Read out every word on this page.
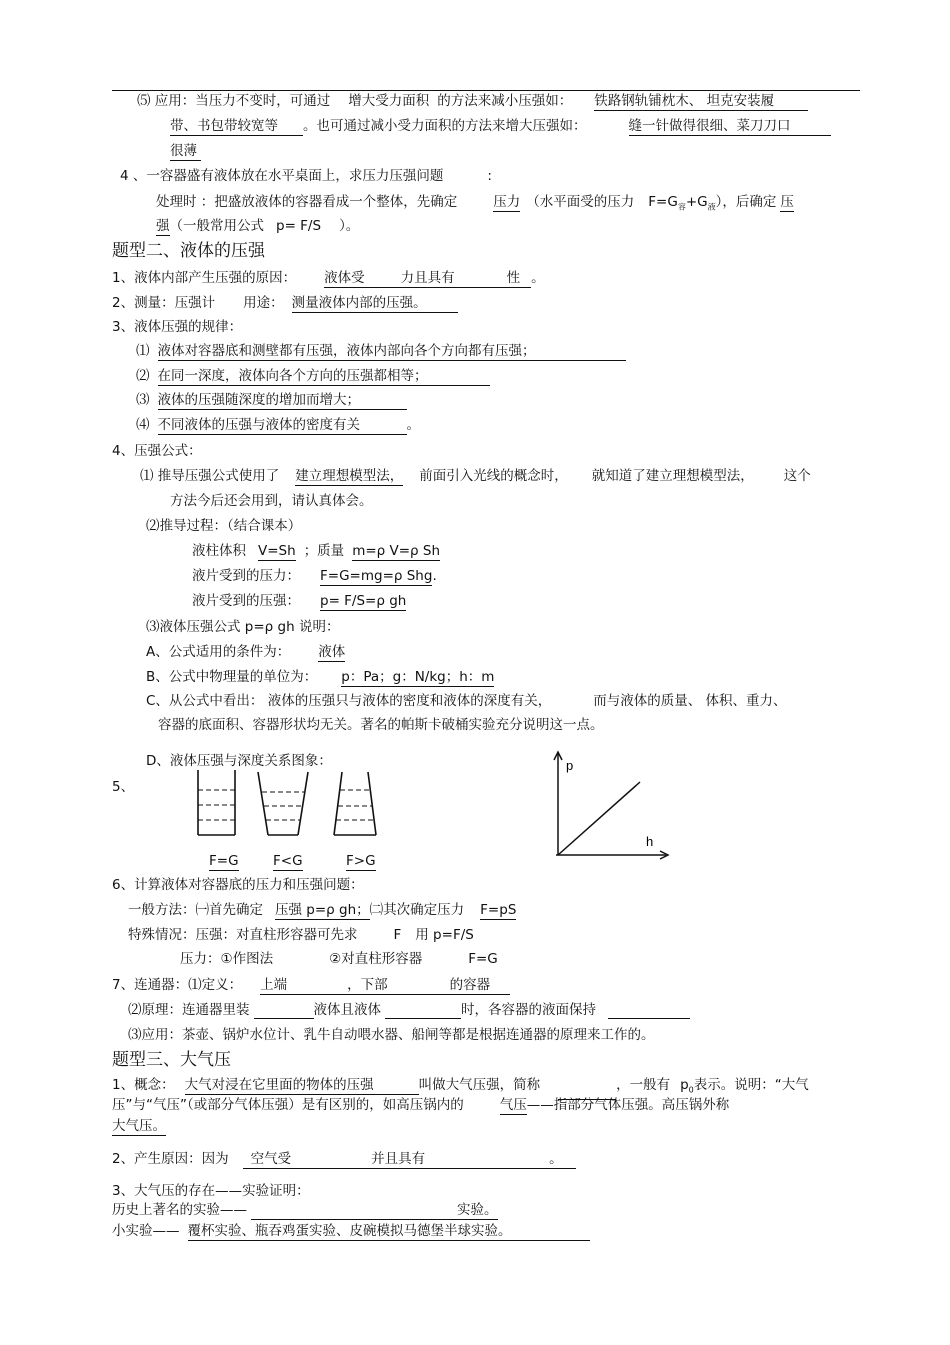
⑸ 应用：当压力不变时，可通过 增大受力面积 的方法来减小压强如： 铁路钢轨铺枕木、 坦克安装履
带、书包带较宽等 。也可通过减小受力面积的方法来增大压强如：	缝一针做得很细、菜刀刀口
很薄
4 、一容器盛有液体放在水平桌面上，求压力压强问题	:
处理时 ：把盛放液体的容器看成一个整体，先确定	压力 （水平面受的压力 $F=G_容+G_液$），后确定 压
强（一般常用公式 p= F/S ）。
题型二、液体的压强
1、液体内部产生压强的原因： 液体受	力且具有	性 。
2、测量：压强计 用途： 测量液体内部的压强。
3、液体压强的规律：
⑴ 液体对容器底和测壁都有压强，液体内部向各个方向都有压强；
⑵ 在同一深度，液体向各个方向的压强都相等；
⑶ 液体的压强随深度的增加而增大；
⑷ 不同液体的压强与液体的密度有关	。
4、压强公式：
⑴ 推导压强公式使用了 建立理想模型法， 前面引入光线的概念时， 就知道了建立理想模型法， 这个
方法今后还会用到，请认真体会。
⑵推导过程：（结合课本）
液柱体积 V=Sh ；质量 m=ρ V=ρ Sh
液片受到的压力： F=G=mg=ρ Shg.
液片受到的压强： p= F/S=ρ gh
⑶液体压强公式 p=ρ gh 说明：
A、公式适用的条件为： 液体
B、公式中物理量的单位为： p：Pa；g：N/kg；h：m
C、从公式中看出： 液体的压强只与液体的密度和液体的深度有关，	而与液体的质量、 体积、重力、
容器的底面积、容器形状均无关。著名的帕斯卡破桶实验充分说明这一点。
D、液体压强与深度关系图象：
5、
F=G	F<G	F>G
p
h
6、计算液体对容器底的压力和压强问题：
一般方法：㈠首先确定 压强 p=ρ gh；㈡其次确定压力 F=pS
特殊情况：压强：对直柱形容器可先求	F 用 p=F/S
压力：①作图法	②对直柱形容器	F=G
7、连通器：⑴定义： 上端	，下部	的容器
⑵原理：连通器里装	液体且液体	时，各容器的液面保持
⑶应用：茶壶、锅炉水位计、乳牛自动喂水器、船闸等都是根据连通器的原理来工作的。
题型三、大气压
1、概念： 大气对浸在它里面的物体的压强	叫做大气压强，简称	，一般有 $p_0$表示。说明：“大气
压”与“气压”（或部分气体压强）是有区别的，如高压锅内的	气压——指部分气体压强。高压锅外称
大气压。
2、产生原因：因为 空气受	并且具有	。
3、大气压的存在——实验证明：
历史上著名的实验——	实验。
小实验—— 覆杯实验、瓶吞鸡蛋实验、皮碗模拟马德堡半球实验。
